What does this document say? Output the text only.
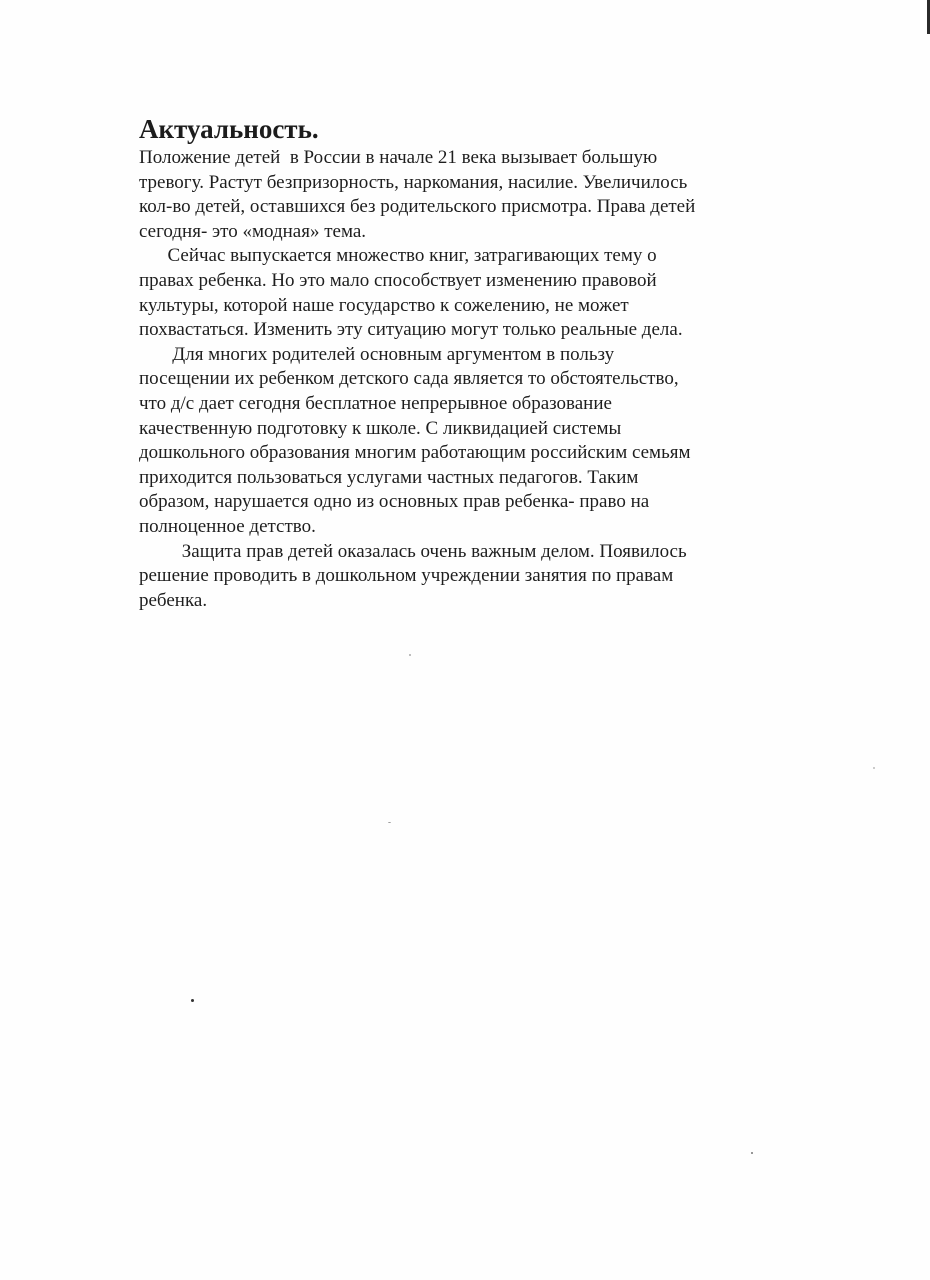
Актуальность.

Положение детей  в России в начале 21 века вызывает большую
тревогу. Растут безпризорность, наркомания, насилие. Увеличилось
кол-во детей, оставшихся без родительского присмотра. Права детей
сегодня- это «модная» тема.

Сейчас выпускается множество книг, затрагивающих тему о
правах ребенка. Но это мало способствует изменению правовой
культуры, которой наше государство к сожелению, не может
похвастаться. Изменить эту ситуацию могут только реальные дела.

Для многих родителей основным аргументом в пользу
посещении их ребенком детского сада является то обстоятельство,
что д/с дает сегодня бесплатное непрерывное образование
качественную подготовку к школе. С ликвидацией системы
дошкольного образования многим работающим российским семьям
приходится пользоваться услугами частных педагогов. Таким
образом, нарушается одно из основных прав ребенка- право на
полноценное детство.

Защита прав детей оказалась очень важным делом. Появилось
решение проводить в дошкольном учреждении занятия по правам
ребенка.
